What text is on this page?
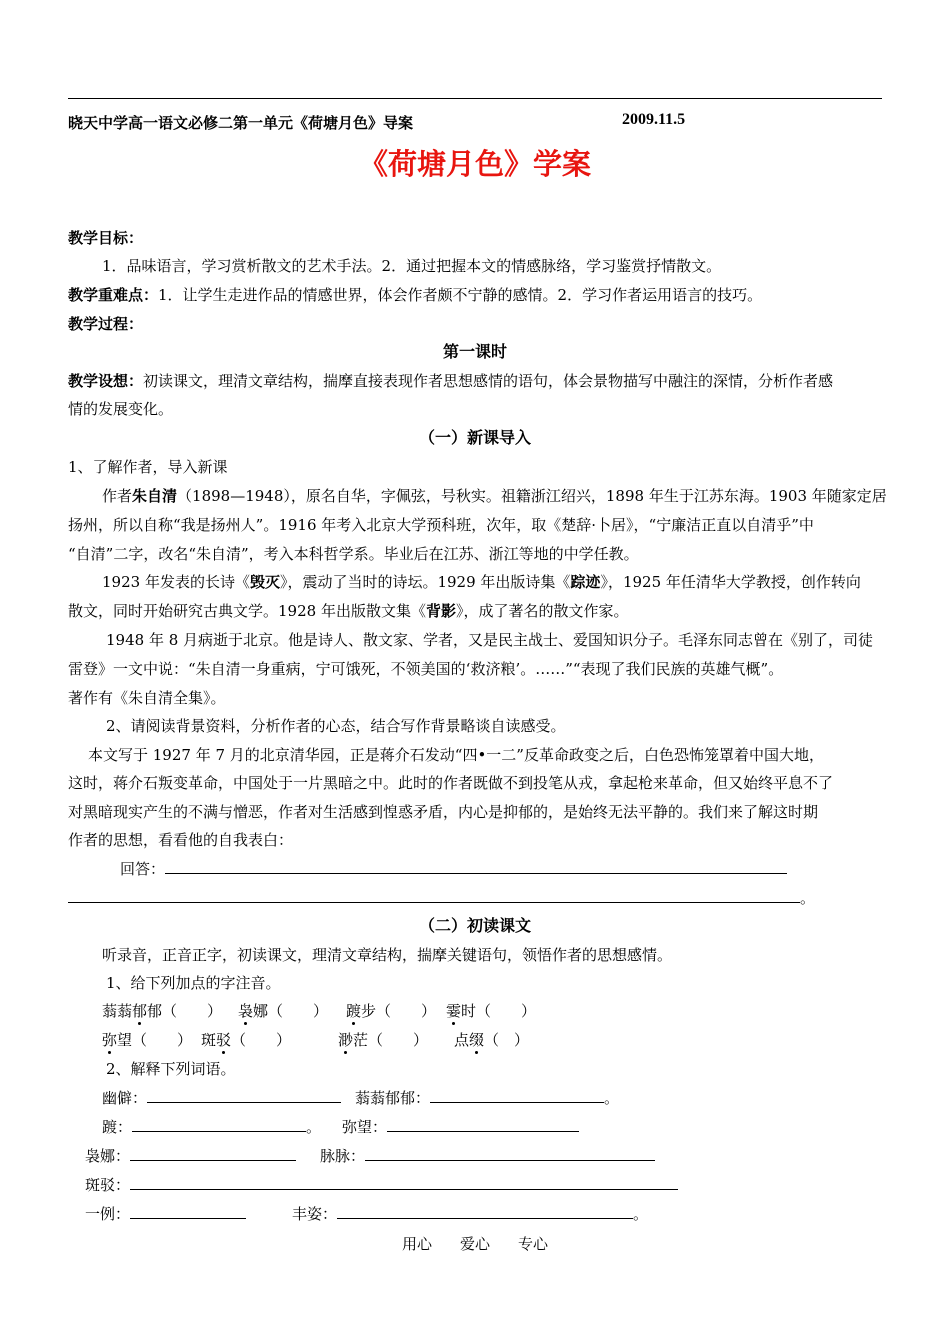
晓天中学高一语文必修二第一单元《荷塘月色》导案	2009.11.5
《荷塘月色》学案
教学目标：
1．品味语言，学习赏析散文的艺术手法。2．通过把握本文的情感脉络，学习鉴赏抒情散文。
教学重难点：1．让学生走进作品的情感世界，体会作者颇不宁静的感情。2．学习作者运用语言的技巧。
教学过程：
第一课时
教学设想：初读课文，理清文章结构，揣摩直接表现作者思想感情的语句，体会景物描写中融注的深情，分析作者感
情的发展变化。
（一）新课导入
1、了解作者，导入新课
作者朱自清（1898—1948），原名自华，字佩弦，号秋实。祖籍浙江绍兴，1898 年生于江苏东海。1903 年随家定居
扬州，所以自称“我是扬州人”。1916 年考入北京大学预科班，次年，取《楚辞·卜居》，“宁廉洁正直以自清乎”中
“自清”二字，改名“朱自清”，考入本科哲学系。毕业后在江苏、浙江等地的中学任教。
1923 年发表的长诗《毁灭》，震动了当时的诗坛。1929 年出版诗集《踪迹》，1925 年任清华大学教授，创作转向
散文，同时开始研究古典文学。1928 年出版散文集《背影》，成了著名的散文作家。
1948 年 8 月病逝于北京。他是诗人、散文家、学者，又是民主战士、爱国知识分子。毛泽东同志曾在《别了，司徒
雷登》一文中说：“朱自清一身重病，宁可饿死，不领美国的‘救济粮’。……”“表现了我们民族的英雄气概”。
著作有《朱自清全集》。
2、请阅读背景资料，分析作者的心态，结合写作背景略谈自读感受。
本文写于 1927 年 7 月的北京清华园，正是蒋介石发动“四•一二”反革命政变之后，白色恐怖笼罩着中国大地，
这时，蒋介石叛变革命，中国处于一片黑暗之中。此时的作者既做不到投笔从戎，拿起枪来革命，但又始终平息不了
对黑暗现实产生的不满与憎恶，作者对生活感到惶惑矛盾，内心是抑郁的，是始终无法平静的。我们来了解这时期
作者的思想，看看他的自我表白：
回答：
。
（二）初读课文
听录音，正音正字，初读课文，理清文章结构，揣摩关键语句，领悟作者的思想感情。
1、给下列加点的字注音。
蓊蓊郁郁（　　） 袅娜（　　） 踱步（　　） 霎时（　　）
弥望（　　） 斑驳（　　）	渺茫（　　） 点缀（　）
2、解释下列词语。
幽僻：	蓊蓊郁郁：	。
踱：	。 弥望：
袅娜：	脉脉：
斑驳：
一例：	丰姿：	。
用心 爱心 专心
